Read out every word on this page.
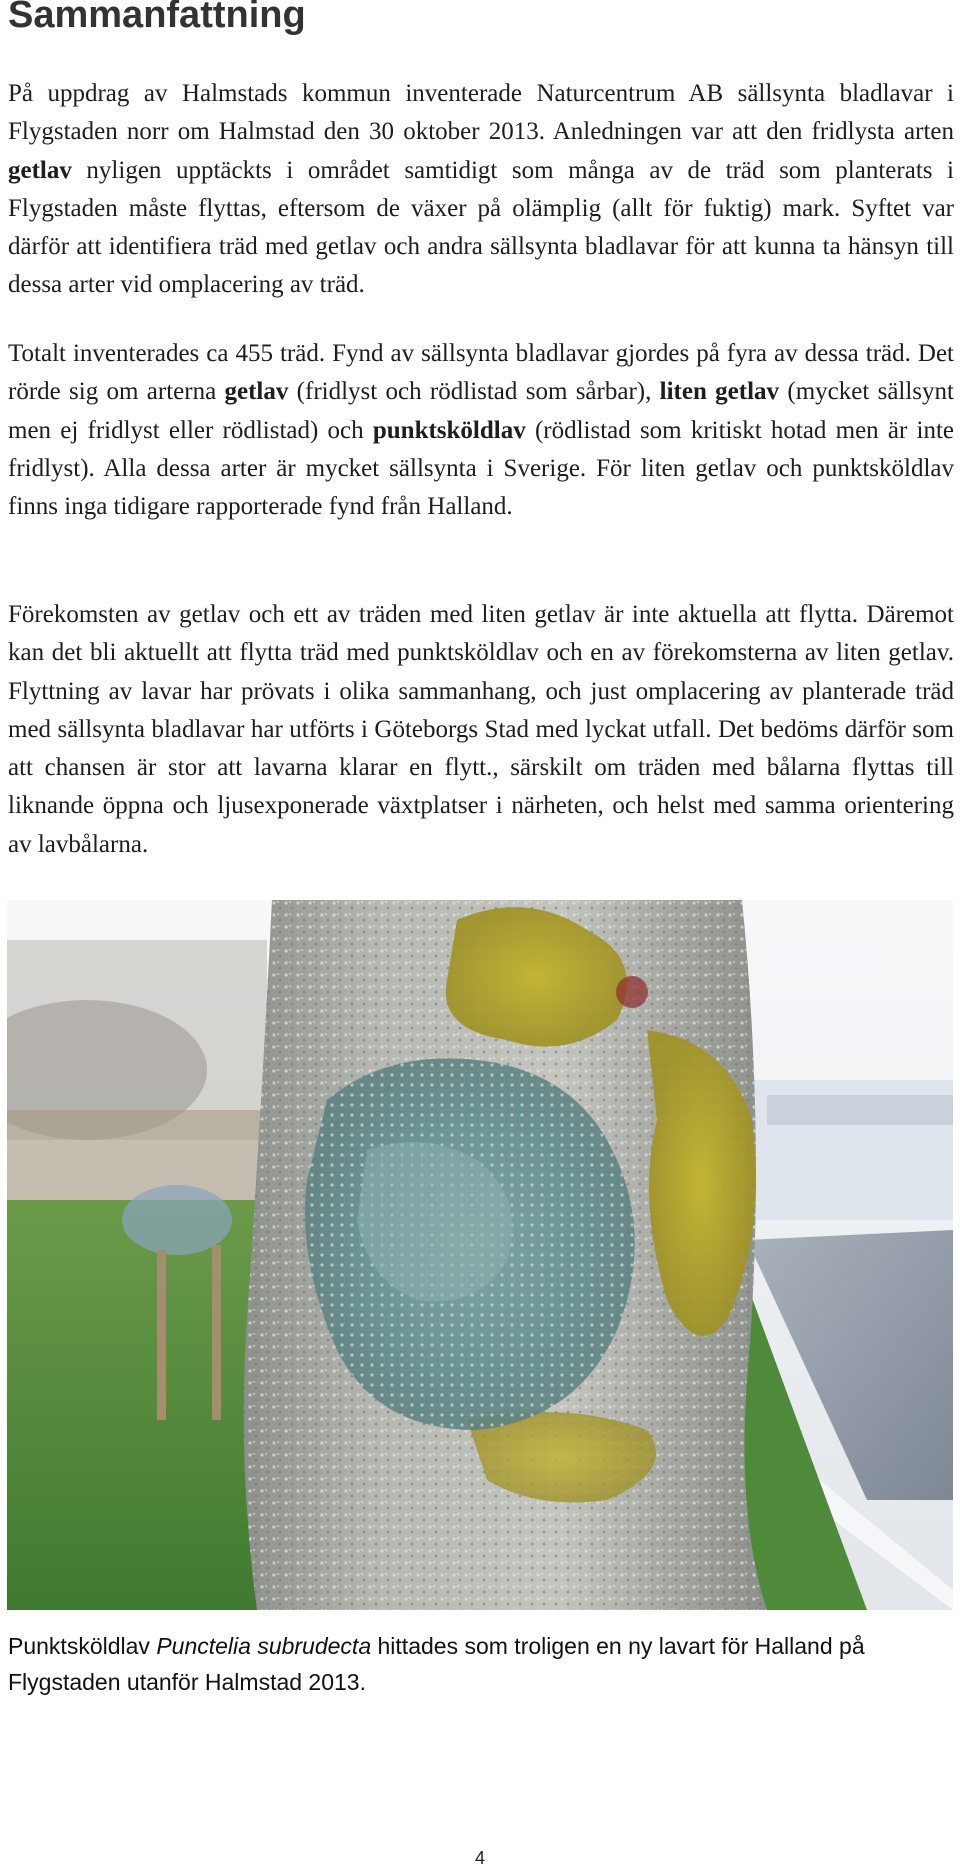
Sammanfattning

På uppdrag av Halmstads kommun inventerade Naturcentrum AB sällsynta bladlavar i Flygstaden norr om Halmstad den 30 oktober 2013. Anledningen var att den fridlysta arten getlav nyligen upptäckts i området samtidigt som många av de träd som planterats i Flygstaden måste flyttas, eftersom de växer på olämplig (allt för fuktig) mark. Syftet var därför att identifiera träd med getlav och andra sällsynta bladlavar för att kunna ta hänsyn till dessa arter vid omplacering av träd.

Totalt inventerades ca 455 träd. Fynd av sällsynta bladlavar gjordes på fyra av dessa träd. Det rörde sig om arterna getlav (fridlyst och rödlistad som sårbar), liten getlav (mycket sällsynt men ej fridlyst eller rödlistad) och punktsköldlav (rödlistad som kritiskt hotad men är inte fridlyst). Alla dessa arter är mycket sällsynta i Sverige. För liten getlav och punktsköldlav finns inga tidigare rapporterade fynd från Halland.

Förekomsten av getlav och ett av träden med liten getlav är inte aktuella att flytta. Däremot kan det bli aktuellt att flytta träd med punktsköldlav och en av förekomsterna av liten getlav. Flyttning av lavar har prövats i olika sammanhang, och just omplacering av planterade träd med sällsynta bladlavar har utförts i Göteborgs Stad med lyckat utfall. Det bedöms därför som att chansen är stor att lavarna klarar en flytt., särskilt om träden med bålarna flyttas till liknande öppna och ljusexponerade växtplatser i närheten, och helst med samma orientering av lavbålarna.

Punktsköldlav Punctelia subrudecta hittades som troligen en ny lavart för Halland på Flygstaden utanför Halmstad 2013.

4
